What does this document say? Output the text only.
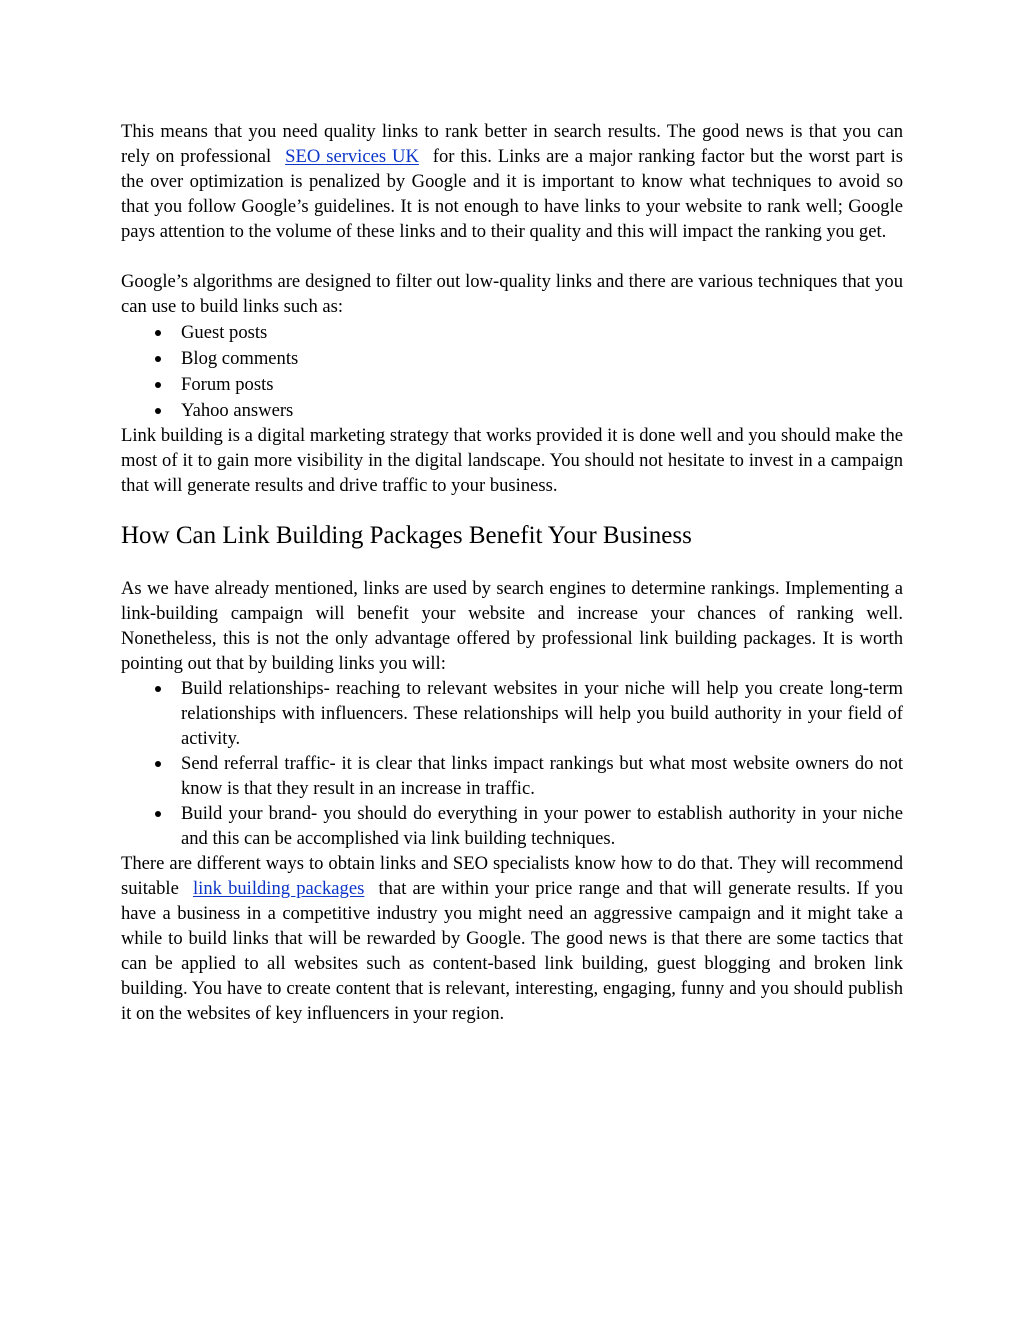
This means that you need quality links to rank better in search results. The good news is that you can rely on professional SEO services UK for this. Links are a major ranking factor but the worst part is the over optimization is penalized by Google and it is important to know what techniques to avoid so that you follow Google’s guidelines. It is not enough to have links to your website to rank well; Google pays attention to the volume of these links and to their quality and this will impact the ranking you get.

Google’s algorithms are designed to filter out low-quality links and there are various techniques that you can use to build links such as:

Guest posts
Blog comments
Forum posts
Yahoo answers

Link building is a digital marketing strategy that works provided it is done well and you should make the most of it to gain more visibility in the digital landscape. You should not hesitate to invest in a campaign that will generate results and drive traffic to your business.

How Can Link Building Packages Benefit Your Business

As we have already mentioned, links are used by search engines to determine rankings. Implementing a link-building campaign will benefit your website and increase your chances of ranking well. Nonetheless, this is not the only advantage offered by professional link building packages. It is worth pointing out that by building links you will:

Build relationships- reaching to relevant websites in your niche will help you create long-term relationships with influencers. These relationships will help you build authority in your field of activity.
Send referral traffic- it is clear that links impact rankings but what most website owners do not know is that they result in an increase in traffic.
Build your brand- you should do everything in your power to establish authority in your niche and this can be accomplished via link building techniques.

There are different ways to obtain links and SEO specialists know how to do that. They will recommend suitable link building packages that are within your price range and that will generate results. If you have a business in a competitive industry you might need an aggressive campaign and it might take a while to build links that will be rewarded by Google. The good news is that there are some tactics that can be applied to all websites such as content-based link building, guest blogging and broken link building. You have to create content that is relevant, interesting, engaging, funny and you should publish it on the websites of key influencers in your region.
